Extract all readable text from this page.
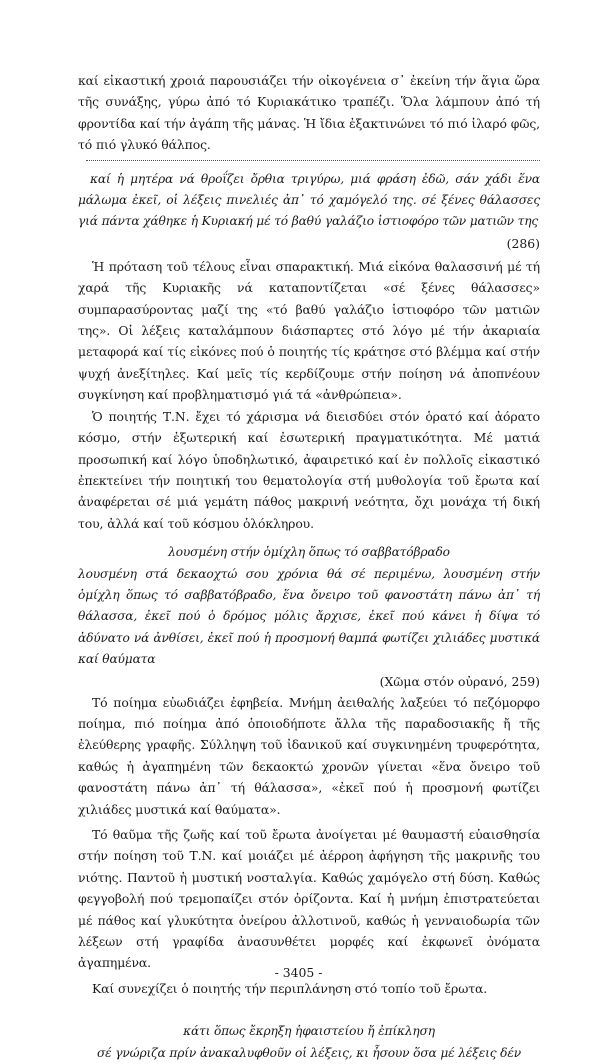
καί εἰκαστική χροιά παρουσιάζει τήν οἰκογένεια σ᾽ ἐκείνη τήν ἅγια ὥρα τῆς συνάξης, γύρω ἀπό τό Κυριακάτικο τραπέζι. Ὅλα λάμπουν ἀπό τή φροντίδα καί τήν ἀγάπη τῆς μάνας. Ἡ ἴδια ἐξακτινώνει τό πιό ἱλαρό φῶς, τό πιό γλυκό θάλπος.

καί ἡ μητέρα νά θροΐζει ὄρθια τριγύρω, μιά φράση ἐδῶ, σάν χάδι ἕνα μάλωμα ἐκεῖ, οἱ λέξεις πινελιές ἀπ᾽ τό χαμόγελό της. σέ ξένες θάλασσες γιά πάντα χάθηκε ἡ Κυριακή μέ τό βαθύ γαλάζιο ἱστιοφόρο τῶν ματιῶν της

(286)

Ἡ πρόταση τοῦ τέλους εἶναι σπαρακτική. Μιά εἰκόνα θαλασσινή μέ τή χαρά τῆς Κυριακῆς νά καταποντίζεται «σέ ξένες θάλασσες» συμπαρασύροντας μαζί της «τό βαθύ γαλάζιο ἱστιοφόρο τῶν ματιῶν της». Οἱ λέξεις καταλάμπουν διάσπαρτες στό λόγο μέ τήν ἀκαριαία μεταφορά καί τίς εἰκόνες πού ὁ ποιητής τίς κράτησε στό βλέμμα καί στήν ψυχή ἀνεξίτηλες. Καί μεῖς τίς κερδίζουμε στήν ποίηση νά ἀποπνέουν συγκίνηση καί προβληματισμό γιά τά «ἀνθρώπεια».

Ὁ ποιητής Τ.Ν. ἔχει τό χάρισμα νά διεισδύει στόν ὁρατό καί ἀόρατο κόσμο, στήν ἐξωτερική καί ἐσωτερική πραγματικότητα. Μέ ματιά προσωπική καί λόγο ὑποδηλωτικό, ἀφαιρετικό καί ἐν πολλοῖς εἰκαστικό ἐπεκτείνει τήν ποιητική του θεματολογία στή μυθολογία τοῦ ἔρωτα καί ἀναφέρεται σέ μιά γεμάτη πάθος μακρινή νεότητα, ὄχι μονάχα τή δική του, ἀλλά καί τοῦ κόσμου ὁλόκληρου.

λουσμένη στήν ὁμίχλη ὅπως τό σαββατόβραδο

λουσμένη στά δεκαοχτώ σου χρόνια θά σέ περιμένω, λουσμένη στήν ὁμίχλη ὅπως τό σαββατόβραδο, ἕνα ὄνειρο τοῦ φανοστάτη πάνω ἀπ᾽ τή θάλασσα, ἐκεῖ πού ὁ δρόμος μόλις ἄρχισε, ἐκεῖ πού κάνει ἡ δίψα τό ἀδύνατο νά ἀνθίσει, ἐκεῖ πού ἡ προσμονή θαμπά φωτίζει χιλιάδες μυστικά καί θαύματα

(Χῶμα στόν οὐρανό, 259)

Τό ποίημα εὐωδιάζει ἐφηβεία. Μνήμη ἀειθαλής λαξεύει τό πεζόμορφο ποίημα, πιό ποίημα ἀπό ὁποιοδήποτε ἄλλα τῆς παραδοσιακῆς ἤ τῆς ἐλεύθερης γραφῆς. Σύλληψη τοῦ ἰδανικοῦ καί συγκινημένη τρυφερότητα, καθώς ἡ ἀγαπημένη τῶν δεκαοκτώ χρονῶν γίνεται «ἕνα ὄνειρο τοῦ φανοστάτη πάνω ἀπ᾽ τή θάλασσα», «ἐκεῖ πού ἡ προσμονή φωτίζει χιλιάδες μυστικά καί θαύματα».

Τό θαῦμα τῆς ζωῆς καί τοῦ ἔρωτα ἀνοίγεται μέ θαυμαστή εὐαισθησία στήν ποίηση τοῦ Τ.Ν. καί μοιάζει μέ ἀέρροη ἀφήγηση τῆς μακρινῆς του νιότης. Παντοῦ ἡ μυστική νοσταλγία. Καθώς χαμόγελο στή δύση. Καθώς φεγγοβολή πού τρεμοπαίζει στόν ὁρίζοντα. Καί ἡ μνήμη ἐπιστρατεύεται μέ πάθος καί γλυκύτητα ὀνείρου ἀλλοτινοῦ, καθώς ἡ γενναιοδωρία τῶν λέξεων στή γραφίδα ἀνασυνθέτει μορφές καί ἐκφωνεῖ ὀνόματα ἀγαπημένα.

Καί συνεχίζει ὁ ποιητής τήν περιπλάνηση στό τοπίο τοῦ ἔρωτα.

κάτι ὅπως ἔκρηξη ἡφαιστείου ἤ ἐπίκληση

σέ γνώριζα πρίν ἀνακαλυφθοῦν οἱ λέξεις, κι ἦσουν ὅσα μέ λέξεις δέν

- 3405 -
